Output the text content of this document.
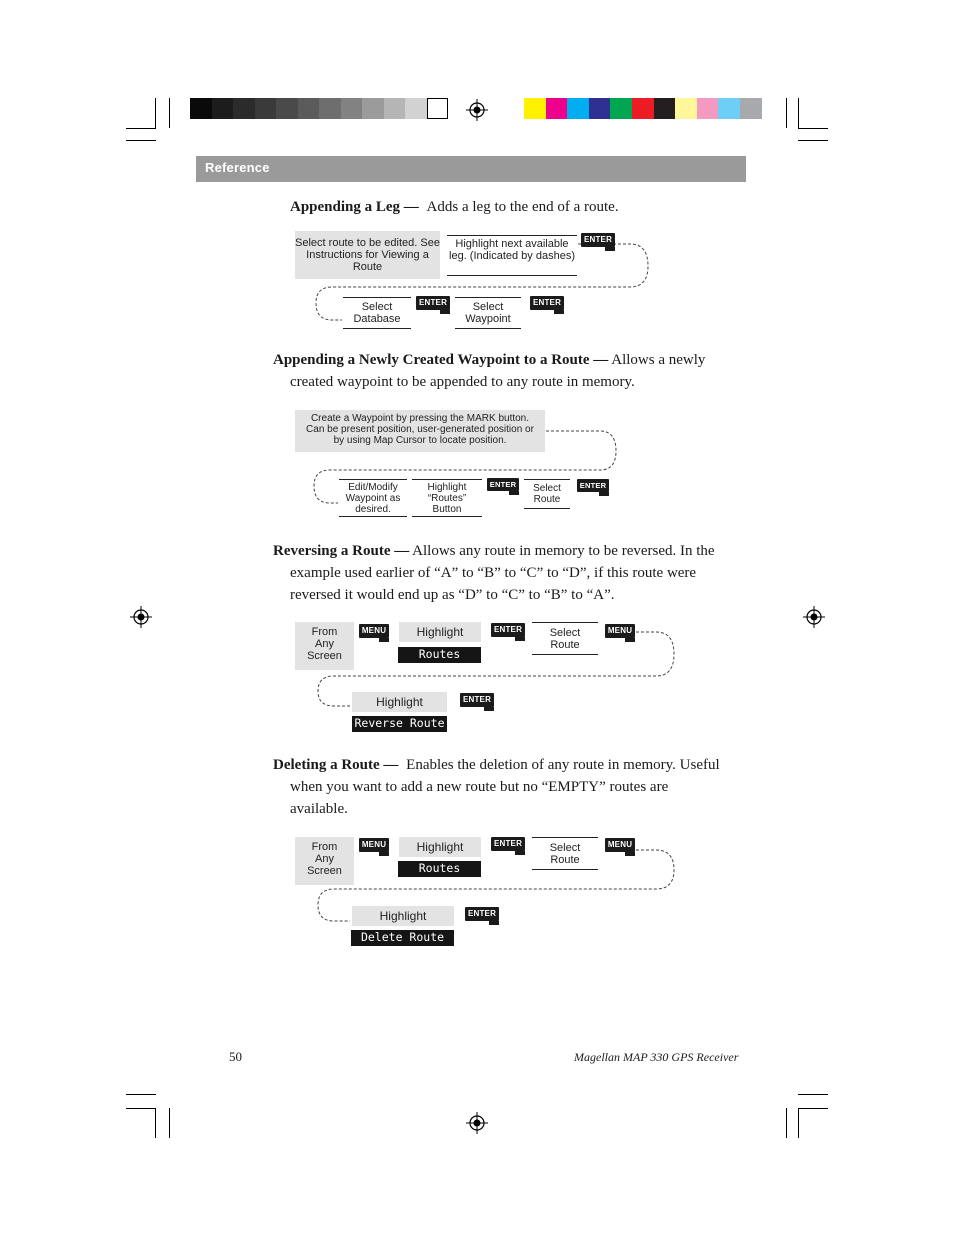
Reference
Appending a Leg — Adds a leg to the end of a route.
Select route to be edited. See Instructions for Viewing a Route
Highlight next available leg. (Indicated by dashes)
ENTER
Select Database
ENTER	Select Waypoint
ENTER
Appending a Newly Created Waypoint to a Route — Allows a newly
created waypoint to be appended to any route in memory.
Create a Waypoint by pressing the MARK button. Can be present position, user-generated position or by using Map Cursor to locate position.
Edit/Modify Waypoint as desired.
Highlight “Routes” Button
ENTER	Select Route
ENTER
Reversing a Route — Allows any route in memory to be reversed. In the
example used earlier of “A” to “B” to “C” to “D”, if this route were
reversed it would end up as “D” to “C” to “B” to “A”.
From Any Screen
MENU	Highlight
Routes
ENTER	Select Route
MENU
Highlight
Reverse Route
ENTER
Deleting a Route — Enables the deletion of any route in memory. Useful
when you want to add a new route but no “EMPTY” routes are
available.
From Any Screen
MENU	Highlight
Routes
ENTER	Select Route
MENU
Highlight
Delete Route
ENTER
50	Magellan MAP 330 GPS Receiver
